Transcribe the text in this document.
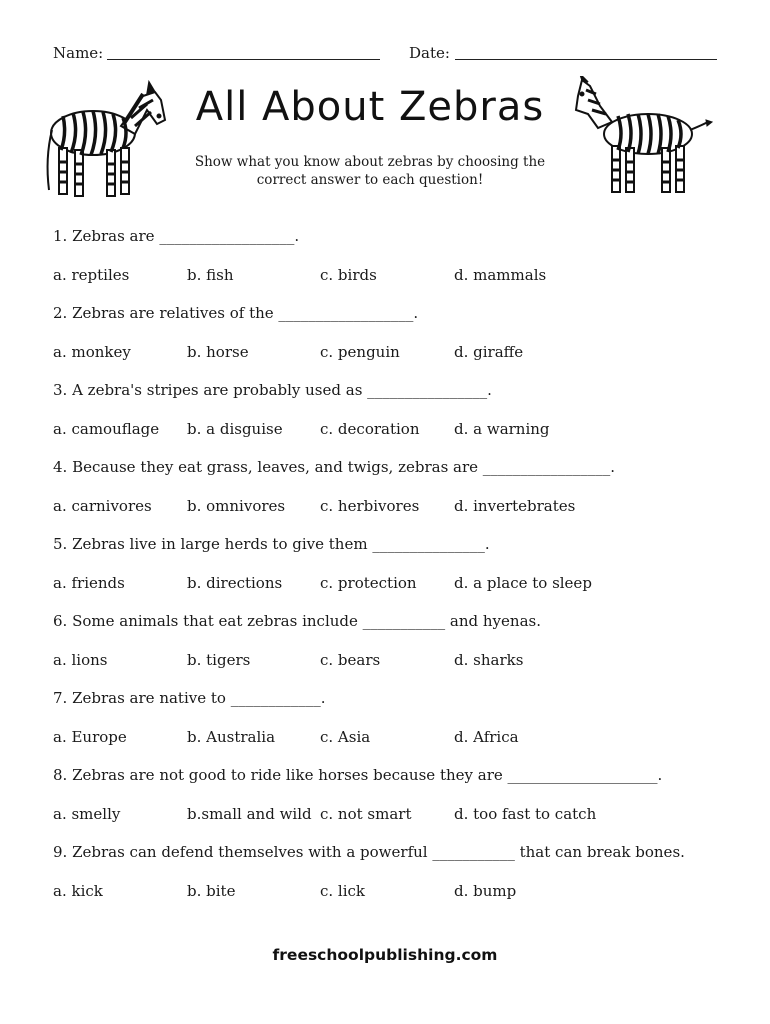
Name:	Date:
All About Zebras
Show what you know about zebras by choosing the correct answer to each question!
1. Zebras are __________________.
a. reptiles	b. fish	c. birds	d. mammals
2. Zebras are relatives of the __________________.
a. monkey	b. horse	c. penguin	d. giraffe
3. A zebra's stripes are probably used as ________________.
a. camouflage b. a disguise c. decoration d. a warning
4. Because they eat grass, leaves, and twigs, zebras are _________________.
a. carnivores b. omnivores c. herbivores d. invertebrates
5. Zebras live in large herds to give them _______________.
a. friends	b. directions	c. protection d. a place to sleep
6. Some animals that eat zebras include ___________ and hyenas.
a. lions	b. tigers	c. bears	d. sharks
7. Zebras are native to ____________.
a. Europe	b. Australia	c. Asia	d. Africa
8. Zebras are not good to ride like horses because they are ____________________.
a. smelly	b.small and wild c. not smart	d. too fast to catch
9. Zebras can defend themselves with a powerful ___________ that can break bones.
a. kick	b. bite	c. lick	d. bump
freeschoolpublishing.com
